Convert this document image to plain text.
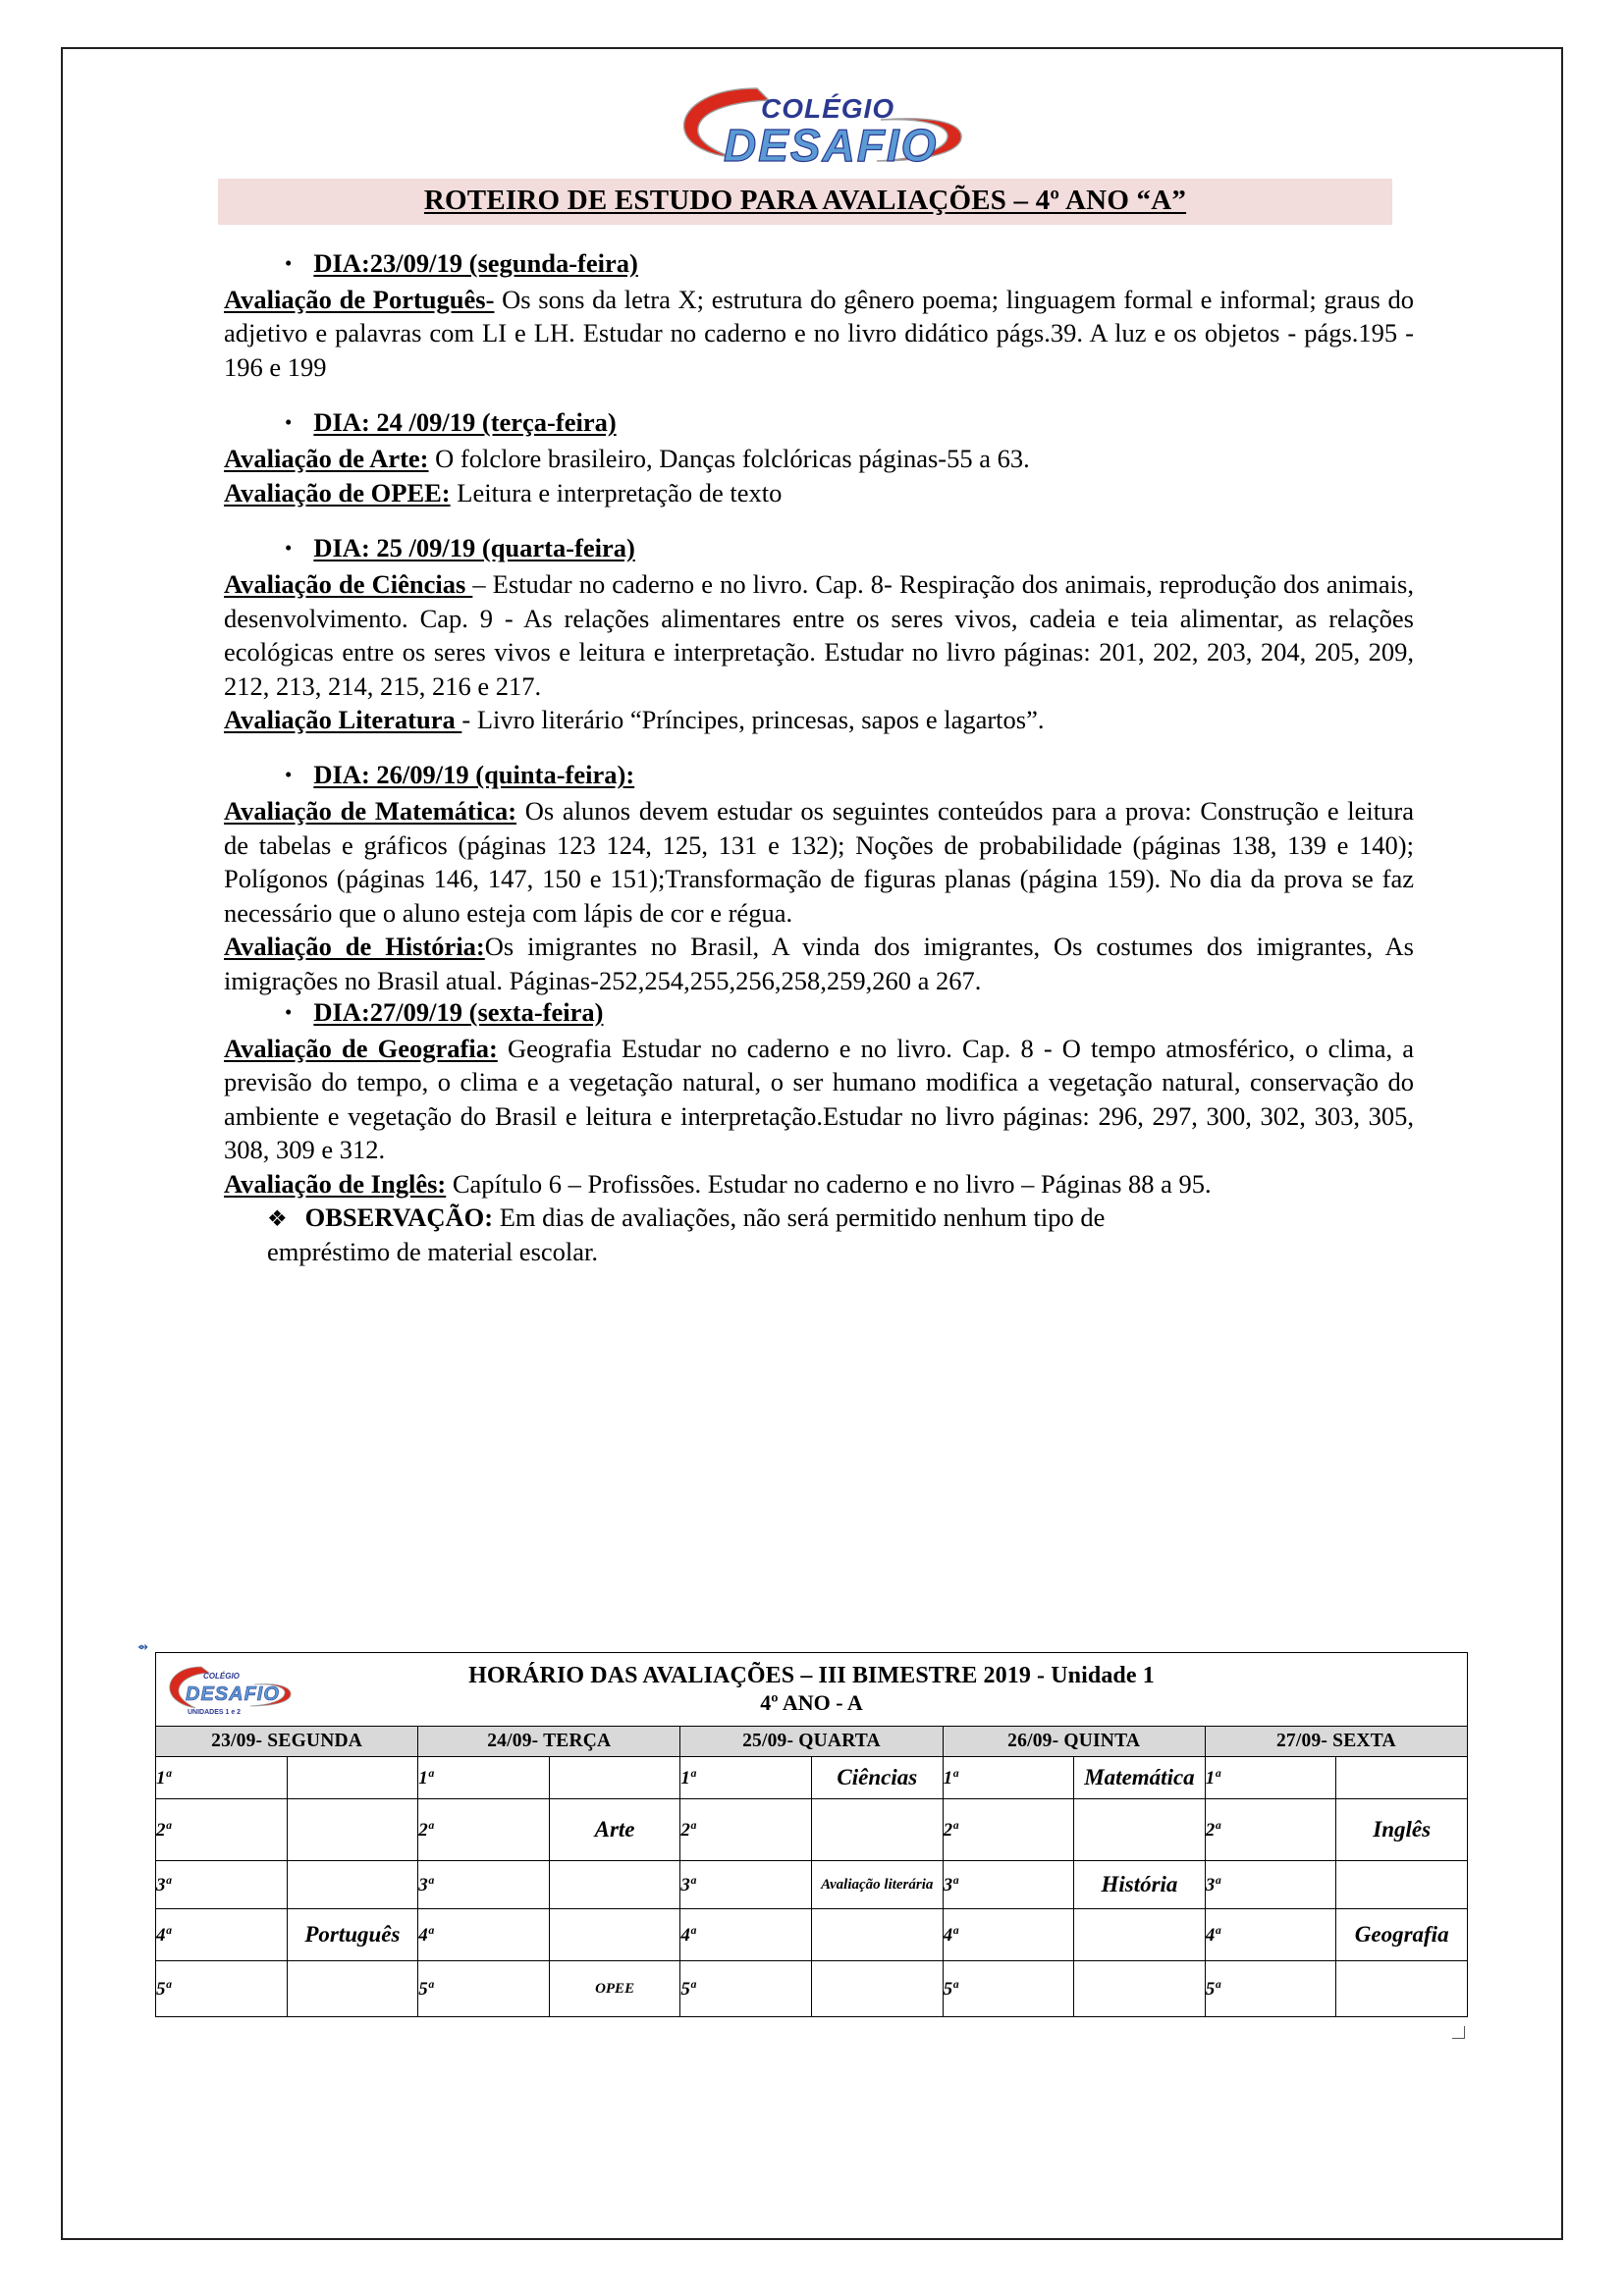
COLÉGIO
DESAFIO
ROTEIRO DE ESTUDO PARA AVALIAÇÕES – 4º ANO “A”
• DIA:23/09/19 (segunda-feira)

Avaliação de Português- Os sons da letra X; estrutura do gênero poema; linguagem formal e informal; graus do adjetivo e palavras com LI e LH. Estudar no caderno e no livro didático págs.39. A luz e os objetos - págs.195 - 196 e 199

• DIA: 24 /09/19 (terça-feira)

Avaliação de Arte: O folclore brasileiro, Danças folclóricas páginas-55 a 63.

Avaliação de OPEE: Leitura e interpretação de texto

• DIA: 25 /09/19 (quarta-feira)

Avaliação de Ciências – Estudar no caderno e no livro. Cap. 8- Respiração dos animais, reprodução dos animais, desenvolvimento. Cap. 9 - As relações alimentares entre os seres vivos, cadeia e teia alimentar, as relações ecológicas entre os seres vivos e leitura e interpretação. Estudar no livro páginas: 201, 202, 203, 204, 205, 209, 212, 213, 214, 215, 216 e 217.

Avaliação Literatura - Livro literário “Príncipes, princesas, sapos e lagartos”.

• DIA: 26/09/19 (quinta-feira):

Avaliação de Matemática: Os alunos devem estudar os seguintes conteúdos para a prova: Construção e leitura de tabelas e gráficos (páginas 123 124, 125, 131 e 132); Noções de probabilidade (páginas 138, 139 e 140); Polígonos (páginas 146, 147, 150 e 151);Transformação de figuras planas (página 159). No dia da prova se faz necessário que o aluno esteja com lápis de cor e régua.

Avaliação de História:Os imigrantes no Brasil, A vinda dos imigrantes, Os costumes dos imigrantes, As imigrações no Brasil atual. Páginas-252,254,255,256,258,259,260 a 267.

• DIA:27/09/19 (sexta-feira)

Avaliação de Geografia: Geografia Estudar no caderno e no livro. Cap. 8 - O tempo atmosférico, o clima, a previsão do tempo, o clima e a vegetação natural, o ser humano modifica a vegetação natural, conservação do ambiente e vegetação do Brasil e leitura e interpretação.Estudar no livro páginas: 296, 297, 300, 302, 303, 305, 308, 309 e 312.

Avaliação de Inglês: Capítulo 6 – Profissões. Estudar no caderno e no livro – Páginas 88 a 95.

❖ OBSERVAÇÃO: Em dias de avaliações, não será permitido nenhum tipo de
empréstimo de material escolar.
⇴
COLÉGIO
DESAFIO
UNIDADES 1 e 2
HORÁRIO DAS AVALIAÇÕES – III BIMESTRE 2019 - Unidade 1
4º ANO - A									

23/09- SEGUNDA		24/09- TERÇA		25/09- QUARTA		26/09- QUINTA		27/09- SEXTA	
1ª		1ª		1ª	Ciências	1ª	Matemática	1ª	
2ª		2ª	Arte	2ª		2ª		2ª	Inglês
3ª		3ª		3ª	Avaliação literária	3ª	História	3ª	
4ª	Português	4ª		4ª		4ª		4ª	Geografia
5ª		5ª	OPEE	5ª		5ª		5ª	
